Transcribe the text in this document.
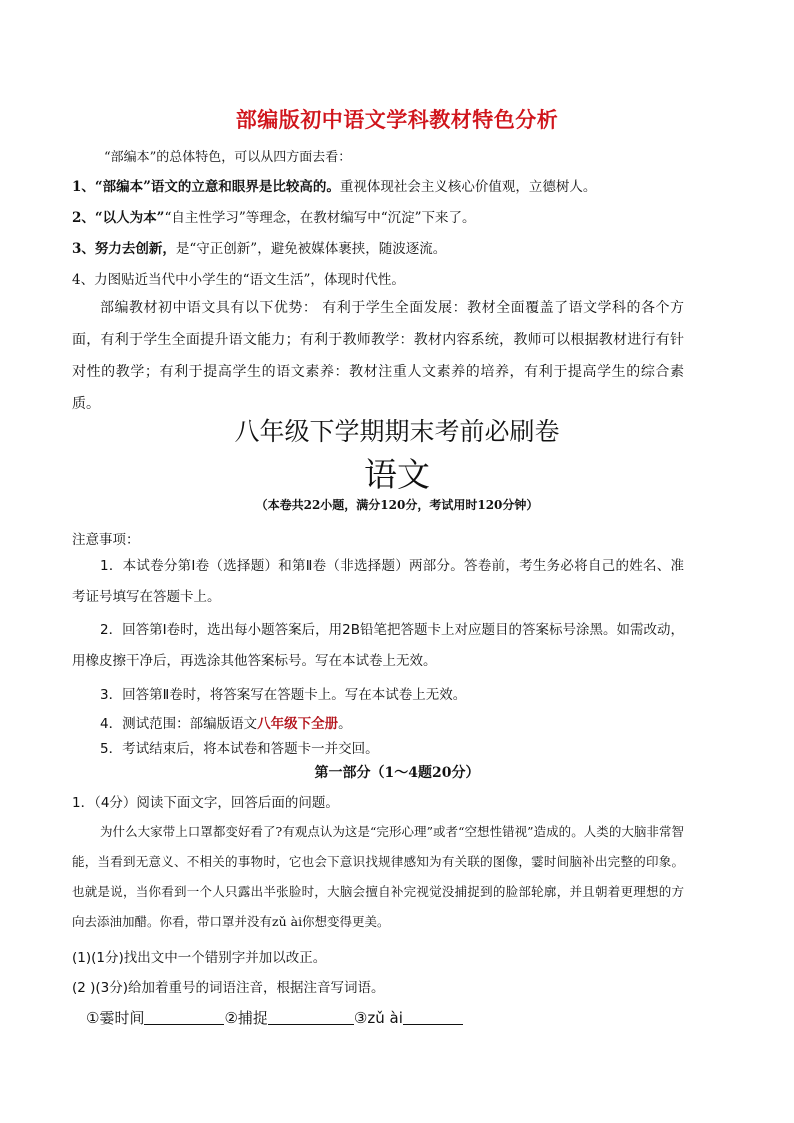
部编版初中语文学科教材特色分析
“部编本”的总体特色，可以从四方面去看：
1、“部编本”语文的立意和眼界是比较高的。重视体现社会主义核心价值观，立德树人。
2、“以人为本”“自主性学习”等理念，在教材编写中“沉淀”下来了。
3、努力去创新，是“守正创新”，避免被媒体裹挟，随波逐流。
4、力图贴近当代中小学生的“语文生活”，体现时代性。
部编教材初中语文具有以下优势： 有利于学生全面发展：教材全面覆盖了语文学科的各个方面，有利于学生全面提升语文能力；有利于教师教学：教材内容系统，教师可以根据教材进行有针对性的教学；有利于提高学生的语文素养：教材注重人文素养的培养，有利于提高学生的综合素质。
八年级下学期期末考前必刷卷
语文
（本卷共22小题，满分120分，考试用时120分钟）
注意事项：
1．本试卷分第Ⅰ卷（选择题）和第Ⅱ卷（非选择题）两部分。答卷前，考生务必将自己的姓名、准考证号填写在答题卡上。
2．回答第Ⅰ卷时，选出每小题答案后，用2B铅笔把答题卡上对应题目的答案标号涂黑。如需改动，用橡皮擦干净后，再选涂其他答案标号。写在本试卷上无效。
3．回答第Ⅱ卷时，将答案写在答题卡上。写在本试卷上无效。
4．测试范围：部编版语文八年级下全册。
5．考试结束后，将本试卷和答题卡一并交回。
第一部分（1～4题20分）
1．（4分）阅读下面文字，回答后面的问题。
为什么大家带上口罩都变好看了?有观点认为这是“完形心理”或者“空想性错视”造成的。人类的大脑非常智能，当看到无意义、不相关的事物时，它也会下意识找规律感知为有关联的图像，霎时间脑补出完整的印象。也就是说，当你看到一个人只露出半张脸时，大脑会擅自补完视觉没捕捉到的脸部轮廓，并且朝着更理想的方向去添油加醋。你看，带口罩并没有zǔ ài你想变得更美。
(1)(1分)找出文中一个错别字并加以改正。
(2 )(3分)给加着重号的词语注音，根据注音写词语。
①霎时间	②捕捉	③zǔ ài
